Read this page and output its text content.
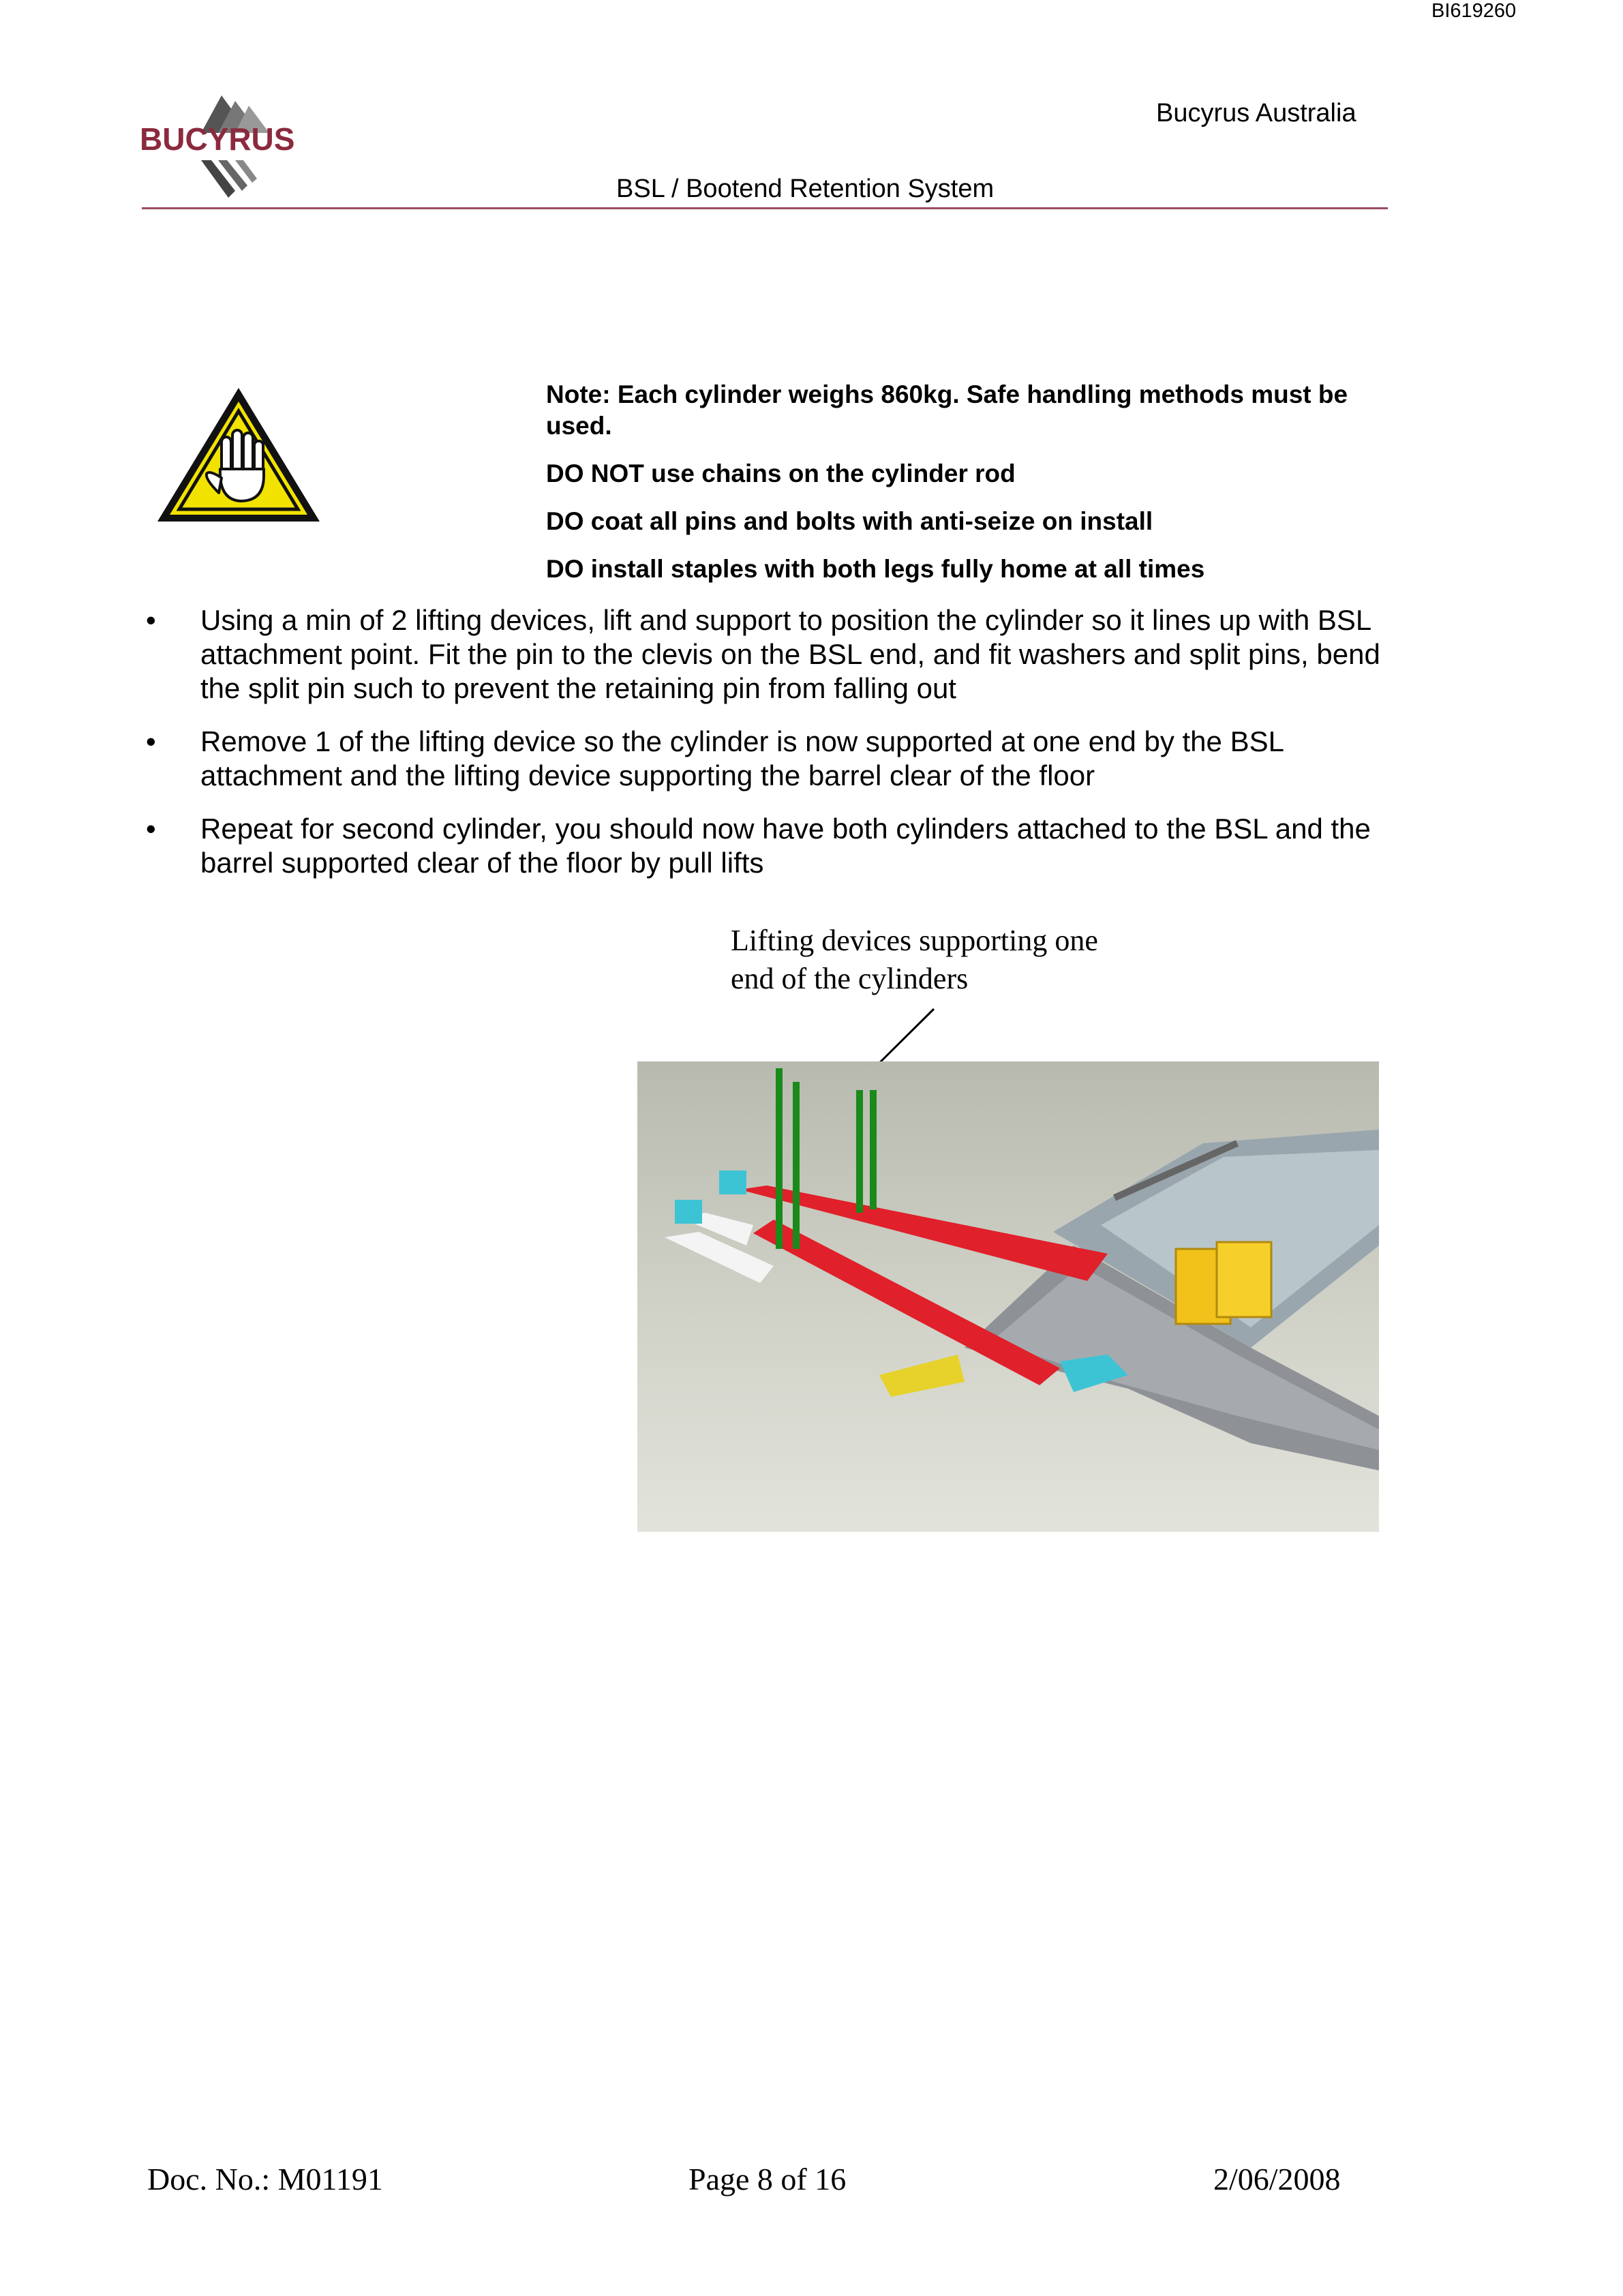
BI619260
BUCYRUS
Bucyrus Australia
BSL / Bootend Retention System

Note: Each cylinder weighs 860kg. Safe handling methods must be used.

DO NOT use chains on the cylinder rod

DO coat all pins and bolts with anti-seize on install

DO install staples with both legs fully home at all times

•	Using a min of 2 lifting devices, lift and support to position the cylinder so it lines up with BSL attachment point. Fit the pin to the clevis on the BSL end, and fit washers and split pins, bend the split pin such to prevent the retaining pin from falling out
•	Remove 1 of the lifting device so the cylinder is now supported at one end by the BSL attachment and the lifting device supporting the barrel clear of the floor
•	Repeat for second cylinder, you should now have both cylinders attached to the BSL and the barrel supported clear of the floor by pull lifts
Lifting devices supporting one
end of the cylinders
Doc. No.: M01191	Page 8 of 16	2/06/2008
